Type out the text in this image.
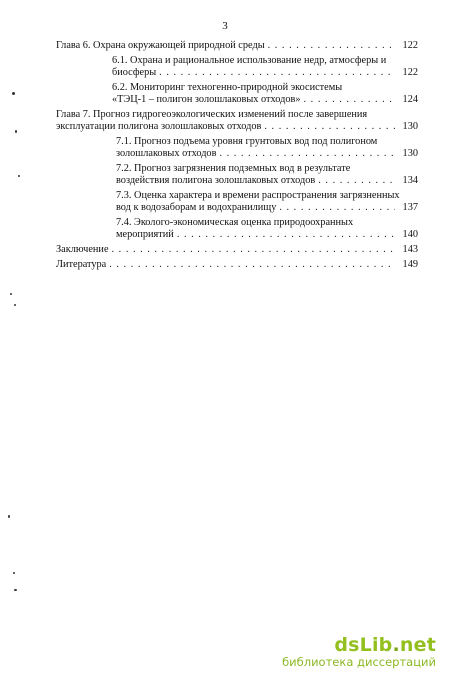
3
Глава 6. Охрана окружающей природной среды . . .	122
6.1. Охрана и рациональное использование недр, атмосферы и
биосферы . . .	122
6.2. Мониторинг техногенно-природной экосистемы
«ТЭЦ-1 – полигон золошлаковых отходов» . . .	124
Глава 7. Прогноз гидрогеоэкологических изменений после завершения
эксплуатации полигона золошлаковых отходов . . .	130
7.1. Прогноз подъема уровня грунтовых вод под полигоном
золошлаковых отходов . . .	130
7.2. Прогноз загрязнения подземных вод в результате
воздействия полигона золошлаковых отходов . . .	134
7.3. Оценка характера и времени распространения загрязненных
вод к водозаборам и водохранилищу . . .	137
7.4. Эколого-экономическая оценка природоохранных
мероприятий . . .	140
Заключение . . .	143
Литература . . .	149
dsLib.net
библиотека диссертаций
